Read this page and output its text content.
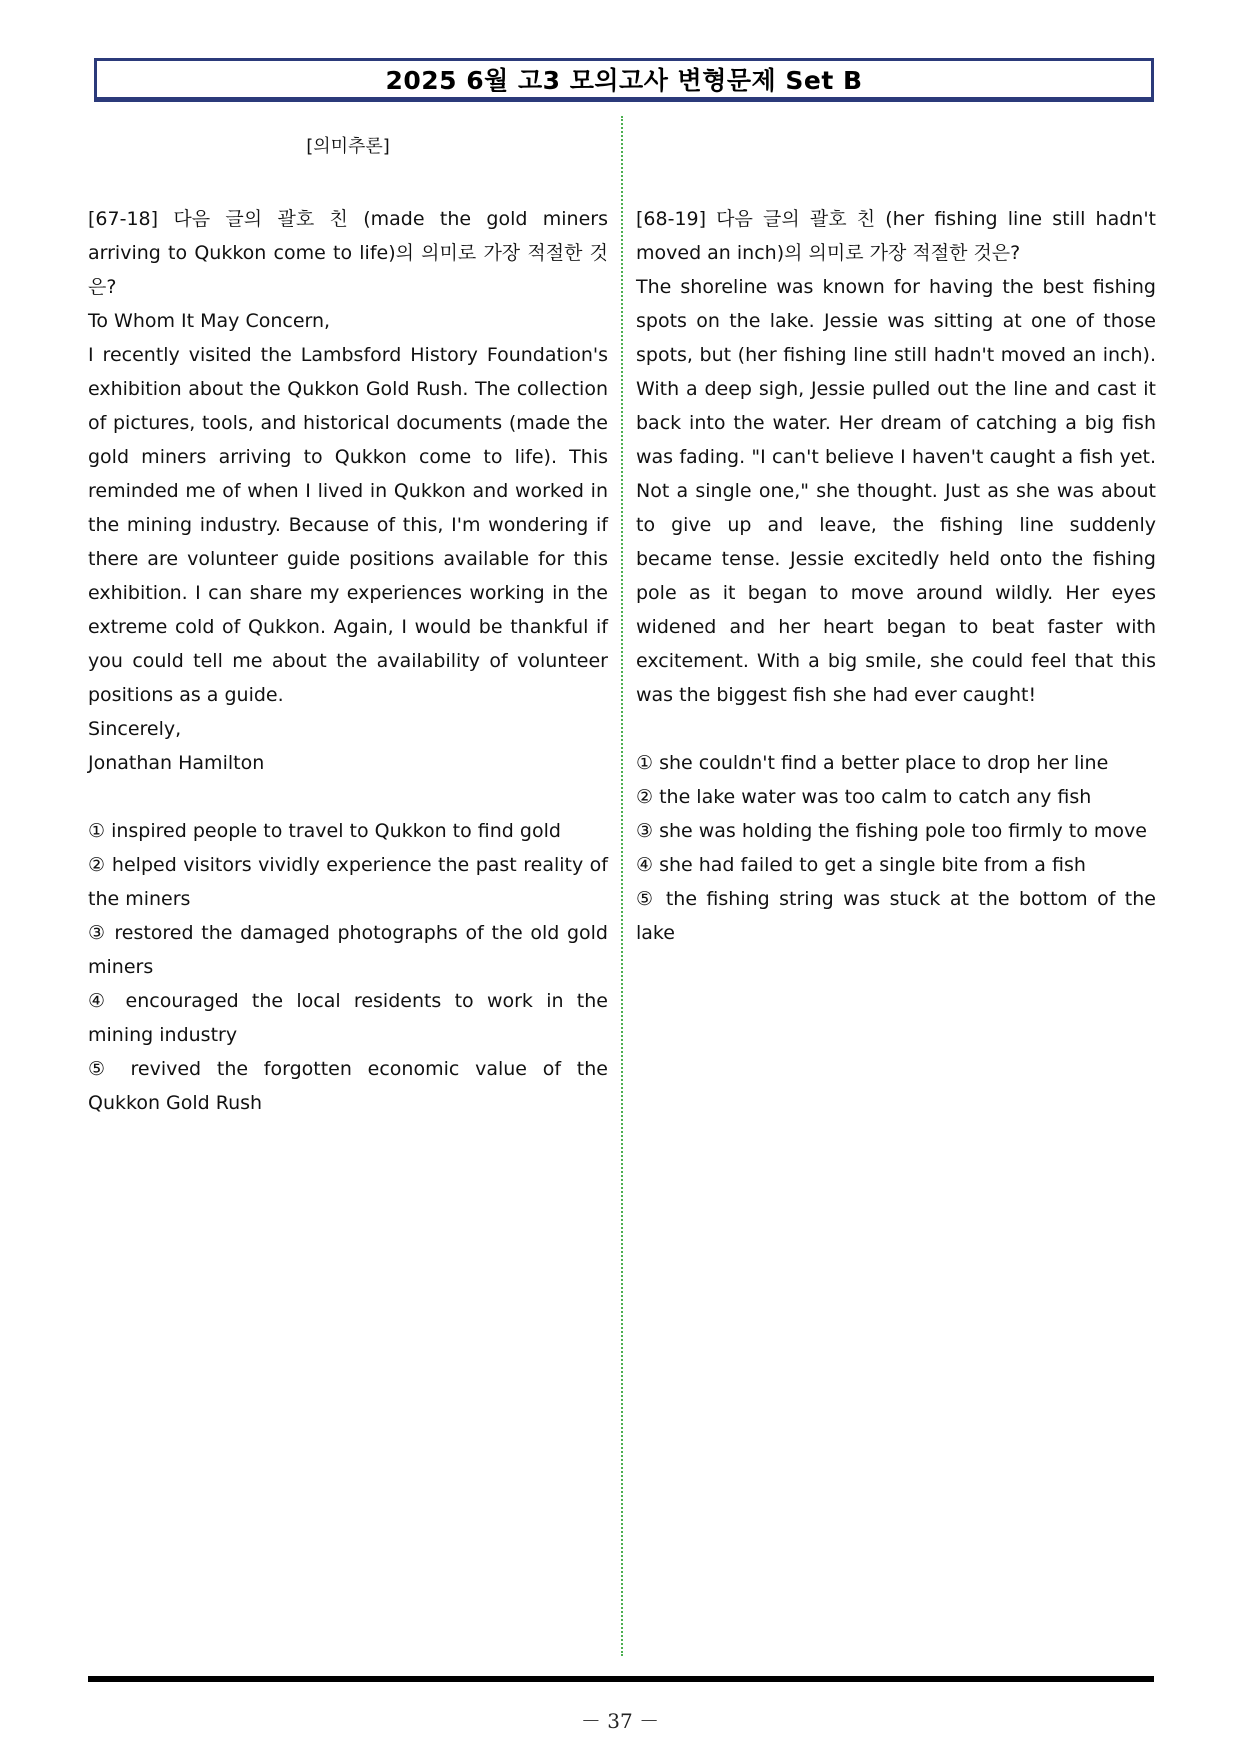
2025 6월 고3 모의고사 변형문제 Set B
[의미추론]

[67-18] 다음 글의 괄호 친 (made the gold miners arriving to Qukkon come to life)의 의미로 가장 적절한 것은?

To Whom It May Concern,

I recently visited the Lambsford History Foundation's exhibition about the Qukkon Gold Rush. The collection of pictures, tools, and historical documents (made the gold miners arriving to Qukkon come to life). This reminded me of when I lived in Qukkon and worked in the mining industry. Because of this, I'm wondering if there are volunteer guide positions available for this exhibition. I can share my experiences working in the extreme cold of Qukkon. Again, I would be thankful if you could tell me about the availability of volunteer positions as a guide.

Sincerely,

Jonathan Hamilton

① inspired people to travel to Qukkon to find gold

② helped visitors vividly experience the past reality of the miners

③ restored the damaged photographs of the old gold miners

④ encouraged the local residents to work in the mining industry

⑤ revived the forgotten economic value of the Qukkon Gold Rush

[68-19] 다음 글의 괄호 친 (her fishing line still hadn't moved an inch)의 의미로 가장 적절한 것은?

The shoreline was known for having the best fishing spots on the lake. Jessie was sitting at one of those spots, but (her fishing line still hadn't moved an inch). With a deep sigh, Jessie pulled out the line and cast it back into the water. Her dream of catching a big fish was fading. "I can't believe I haven't caught a fish yet. Not a single one," she thought. Just as she was about to give up and leave, the fishing line suddenly became tense. Jessie excitedly held onto the fishing pole as it began to move around wildly. Her eyes widened and her heart began to beat faster with excitement. With a big smile, she could feel that this was the biggest fish she had ever caught!

① she couldn't find a better place to drop her line

② the lake water was too calm to catch any fish

③ she was holding the fishing pole too firmly to move

④ she had failed to get a single bite from a fish

⑤ the fishing string was stuck at the bottom of the lake

－ 37 －
